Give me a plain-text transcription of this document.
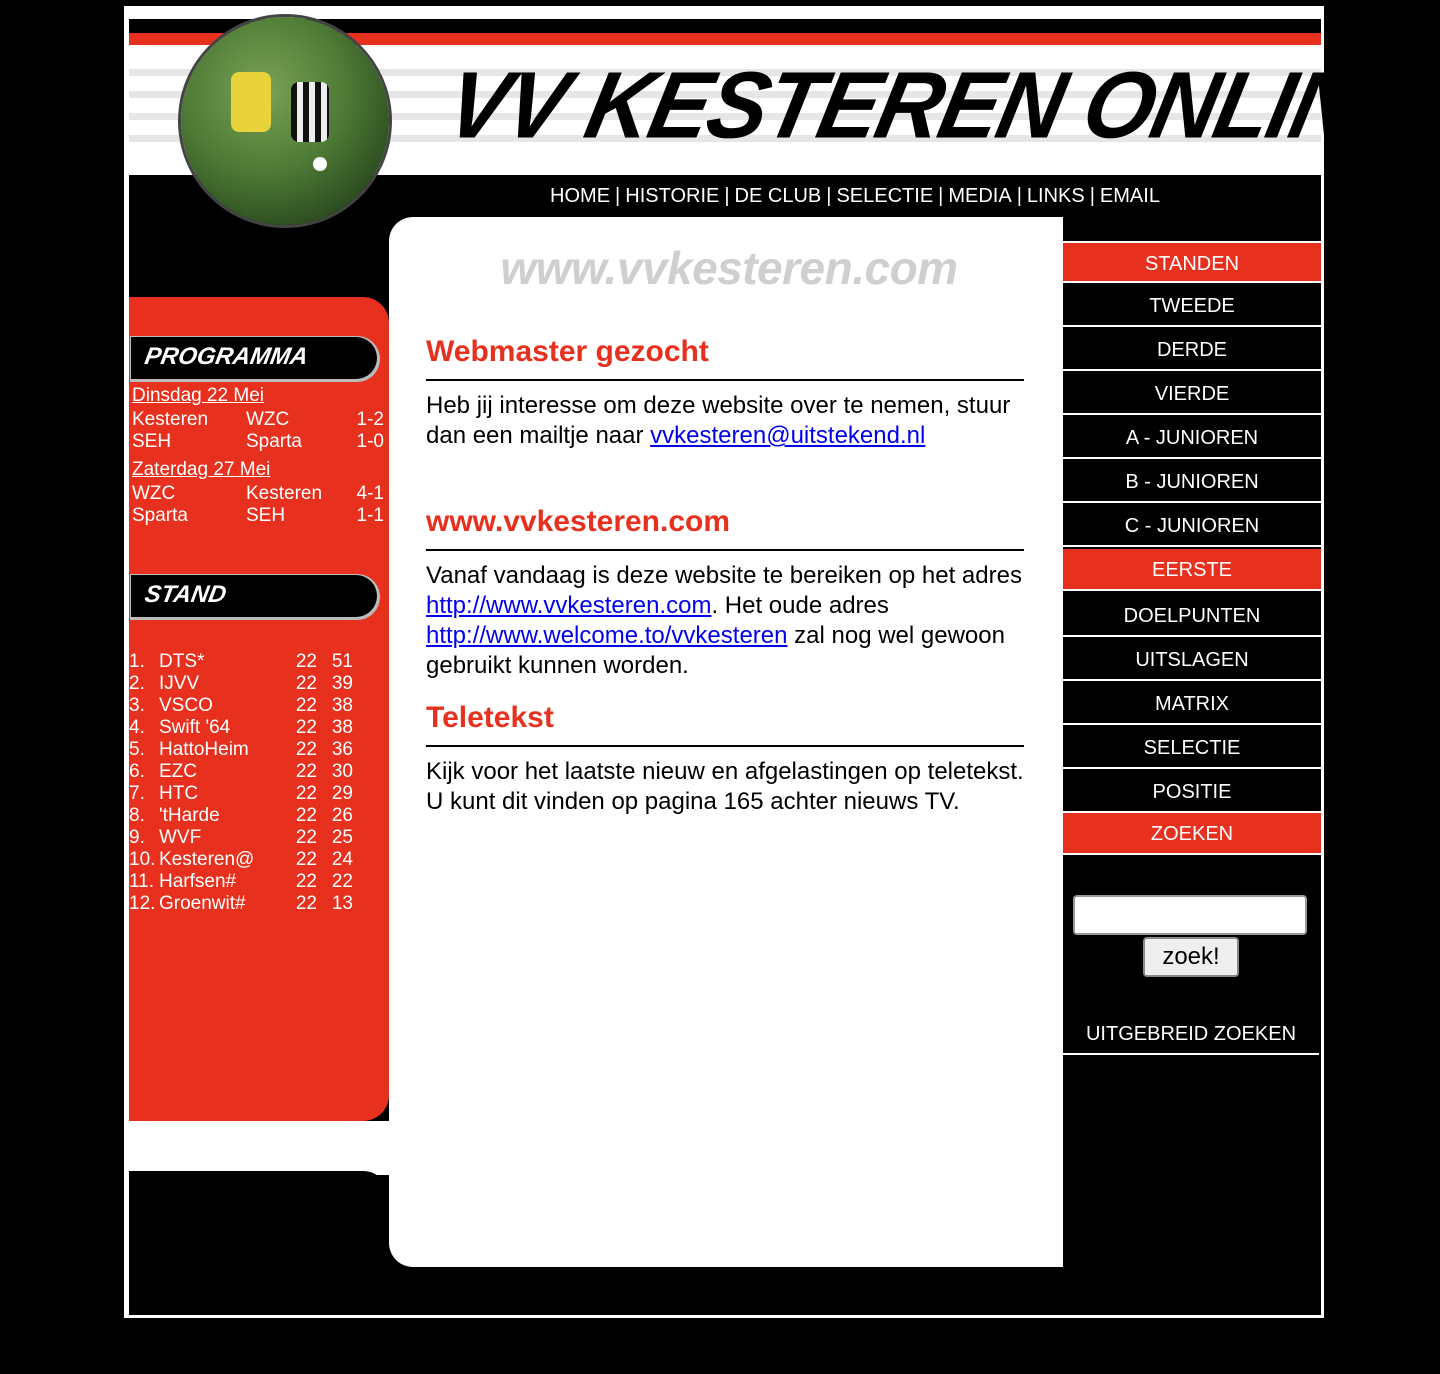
VV KESTEREN ONLINE
HOME | HISTORIE | DE CLUB | SELECTIE | MEDIA | LINKS | EMAIL
PROGRAMMA
Dinsdag 22 Mei
Kesteren	WZC	1-2
SEH	Sparta	1-0
Zaterdag 27 Mei
WZC	Kesteren	4-1
Sparta	SEH	1-1
STAND
1. DTS*	22 51
2. IJVV	22 39
3. VSCO	22 38
4. Swift '64	22 38
5. HattoHeim	22 36
6. EZC	22 30
7. HTC	22 29
8. 'tHarde	22 26
9. WVF	22 25
10. Kesteren@	22 24
11. Harfsen#	22 22
12. Groenwit#	22 13
www.vvkesteren.com
Webmaster gezocht

Heb jij interesse om deze website over te nemen, stuur dan een mailtje naar vvkesteren@uitstekend.nl

www.vvkesteren.com

Vanaf vandaag is deze website te bereiken op het adres http://www.vvkesteren.com. Het oude adres http://www.welcome.to/vvkesteren zal nog wel gewoon gebruikt kunnen worden.

Teletekst

Kijk voor het laatste nieuw en afgelastingen op teletekst. U kunt dit vinden op pagina 165 achter nieuws TV.

STANDEN
TWEEDE
DERDE
VIERDE
A - JUNIOREN
B - JUNIOREN
C - JUNIOREN
EERSTE
DOELPUNTEN
UITSLAGEN
MATRIX
SELECTIE
POSITIE
ZOEKEN
zoek!
UITGEBREID ZOEKEN
